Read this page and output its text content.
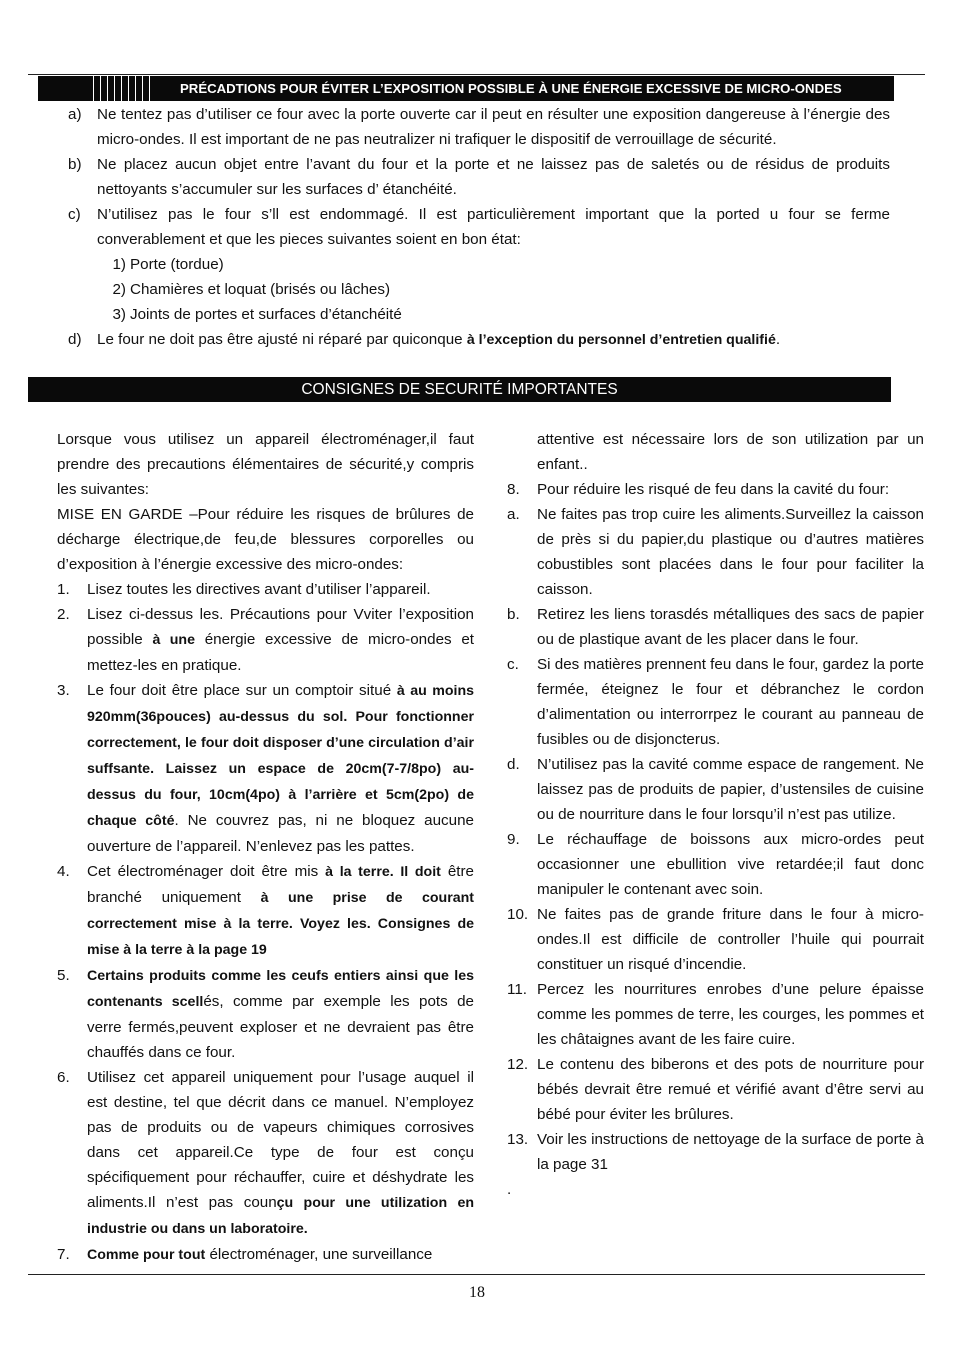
PRÉCADTIONS POUR ÉVITER L’EXPOSITION POSSIBLE À UNE ÉNERGIE EXCESSIVE DE MICRO-ONDES
a)	Ne tentez pas d’utiliser ce four avec la porte ouverte car il peut en résulter une exposition dangereuse à l’énergie des micro-ondes. Il est important de ne pas neutralizer ni trafiquer le dispositif de verrouillage de sécurité.
b)	Ne placez aucun objet entre l’avant du four et la porte et ne laissez pas de saletés ou de résidus de produits nettoyants s’accumuler sur les surfaces d’ étanchéité.
c)	N’utilisez pas le four s’ll est endommagé. Il est particulièrement important que la ported u four se ferme converablement et que les pieces suivantes soient en bon état:
1) Porte (tordue)
2) Chamières et loquat (brisés ou lâches)
3) Joints de portes et surfaces d’étanchéité
d)	Le four ne doit pas être ajusté ni réparé par quiconque à l’exception du personnel d’entretien qualifié.
CONSIGNES DE SECURITÉ IMPORTANTES
Lorsque vous utilisez un appareil électroménager,il faut prendre des precautions élémentaires de sécurité,y compris les suivantes:
MISE EN GARDE –Pour réduire les risques de brûlures de décharge électrique,de feu,de blessures corporelles ou d’exposition à l’énergie excessive des micro-ondes:
1.	Lisez toutes les directives avant d’utiliser l’appareil.
2.	Lisez ci-dessus les. Précautions pour Vviter l’exposition possible à une énergie excessive de micro-ondes et mettez-les en pratique.
3.	Le four doit être place sur un comptoir situé à au moins 920mm(36pouces) au-dessus du sol. Pour fonctionner correctement, le four doit disposer d’une circulation d’air suffsante. Laissez un espace de 20cm(7-7/8po) au-dessus du four, 10cm(4po) à l’arrière et 5cm(2po) de chaque côté. Ne couvrez pas, ni ne bloquez aucune ouverture de l’appareil. N’enlevez pas les pattes.
4.	Cet électroménager doit être mis à la terre. Il doit être branché uniquement à une prise de courant correctement mise à la terre. Voyez les. Consignes de mise à la terre à la page 19
5.	Certains produits comme les ceufs entiers ainsi que les contenants scellés, comme par exemple les pots de verre fermés,peuvent exploser et ne devraient pas être chauffés dans ce four.
6.	Utilisez cet appareil uniquement pour l’usage auquel il est destine, tel que décrit dans ce manuel. N’employez pas de produits ou de vapeurs chimiques corrosives dans cet appareil.Ce type de four est conçu spécifiquement pour réchauffer, cuire et déshydrate les aliments.Il n’est pas counçu pour une utilization en industrie ou dans un laboratoire.
7.	Comme pour tout électroménager, une surveillance
attentive est nécessaire lors de son utilization par un enfant..
8.	Pour réduire les risqué de feu dans la cavité du four:
a.	Ne faites pas trop cuire les aliments.Surveillez la caisson de près si du papier,du plastique ou d’autres matières cobustibles sont placées dans le four pour faciliter la caisson.
b.	Retirez les liens torasdés métalliques des sacs de papier ou de plastique avant de les placer dans le four.
c.	Si des matières prennent feu dans le four, gardez la porte fermée, éteignez le four et débranchez le cordon d’alimentation ou interrorrpez le courant au panneau de fusibles ou de disjoncterus.
d.	N’utilisez pas la cavité comme espace de rangement. Ne laissez pas de produits de papier, d’ustensiles de cuisine ou de nourriture dans le four lorsqu’il n’est pas utilize.
9.	Le réchauffage de boissons aux micro-ordes peut occasionner une ebullition vive retardée;il faut donc manipuler le contenant avec soin.
10. Ne faites pas de grande friture dans le four à micro-ondes.Il est difficile de controller l’huile qui pourrait constituer un risqué d’incendie.
11. Percez les nourritures enrobes d’une pelure épaisse comme les pommes de terre, les courges, les pommes et les châtaignes avant de les faire cuire.
12. Le contenu des biberons et des pots de nourriture pour bébés devrait être remué et vérifié avant d’être servi au bébé pour éviter les brûlures.
13. Voir les instructions de nettoyage de la surface de porte à la page 31
.
18
